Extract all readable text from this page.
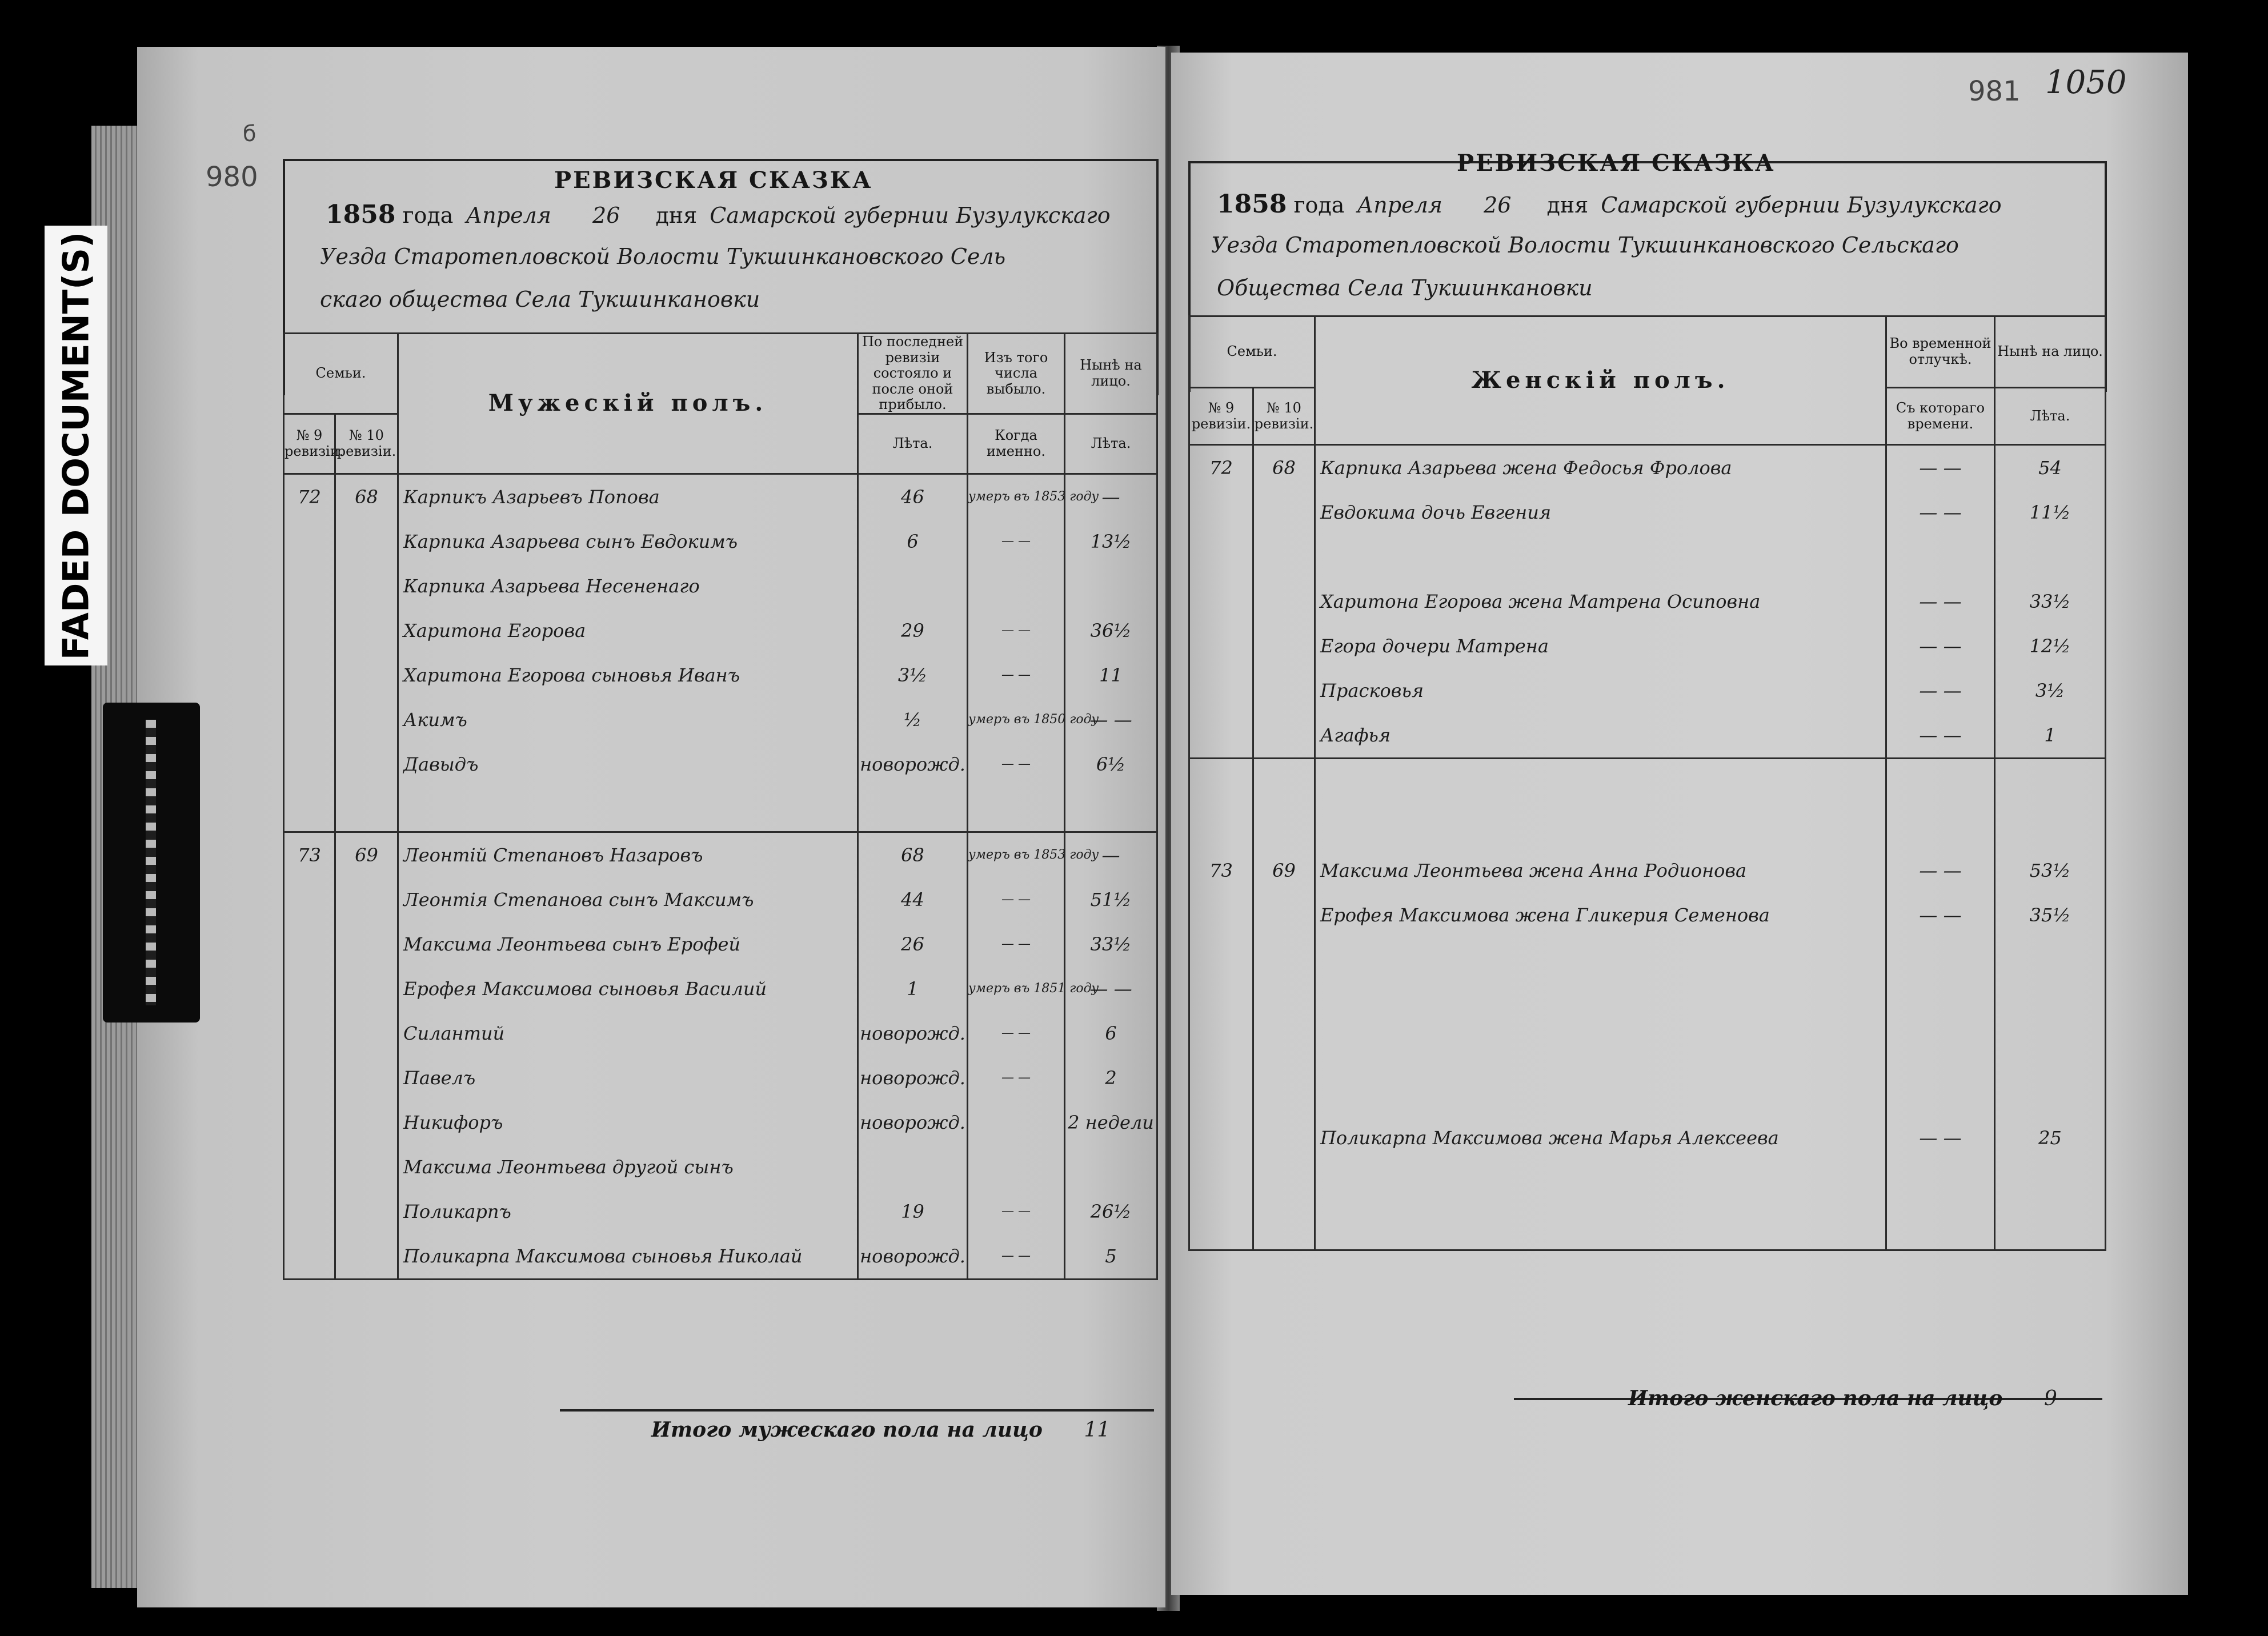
980
б
РЕВИЗСКАЯ СКАЗКА
1858 года Апреля 26 дня Самарской губернии Бузулукскаго
Уезда Старотепловской Волости Тукшинкановского Сель
скаго общества Села Тукшинкановки
Семьи.		Мужескій полъ.	По последней ревизіи состояло и после оной прибыло.	Изъ того числа выбыло.	Нынѣ на лицо.
№ 9 ревизіи.	№ 10 ревизіи.		Лѣта.	Когда именно.	Лѣта.

72	68	Карпикъ Азарьевъ Попова	46	умеръ въ 1853 году	—

		Карпика Азарьева сынъ Евдокимъ	6	— —	13½

		Карпика Азарьева Несененаго			

		Харитона Егорова	29	— —	36½

		Харитона Егорова сыновья Иванъ	3½	— —	11

		Акимъ	½	умеръ въ 1850 году	— —

		Давыдъ	новорожд.	— —	6½

73	69	Леонтій Степановъ Назаровъ	68	умеръ въ 1853 году	—

		Леонтія Степанова сынъ Максимъ	44	— —	51½

		Максима Леонтьева сынъ Ерофей	26	— —	33½

		Ерофея Максимова сыновья Василий	1	умеръ въ 1851 году	— —

		Силантий	новорожд.	— —	6

		Павелъ	новорожд.	— —	2

		Никифоръ	новорожд.		2 недели

		Максима Леонтьева другой сынъ			

		Поликарпъ	19	— —	26½

		Поликарпа Максимова сыновья Николай	новорожд.	— —	5
Итого мужескаго пола на лицо 11
981 1050
РЕВИЗСКАЯ СКАЗКА
1858 года Апреля 26 дня Самарской губернии Бузулукскаго
Уезда Старотепловской Волости Тукшинкановского Сельскаго
Общества Села Тукшинкановки
Семьи.		Женскій полъ.	Во временной отлучкѣ.	Нынѣ на лицо.
№ 9 ревизіи.	№ 10 ревизіи.		Съ котораго времени.	Лѣта.

72	68	Карпика Азарьева жена Федосья Фролова	— —	54

		Евдокима дочь Евгения	— —	11½

		Харитона Егорова жена Матрена Осиповна	— —	33½

		Егора дочери Матрена	— —	12½

		Прасковья	— —	3½

		Агафья	— —	1

73	69	Максима Леонтьева жена Анна Родионова	— —	53½

		Ерофея Максимова жена Гликерия Семенова	— —	35½

		Поликарпа Максимова жена Марья Алексеева	— —	25

Итого женскаго пола на лицо 9
FADED DOCUMENT(S)
